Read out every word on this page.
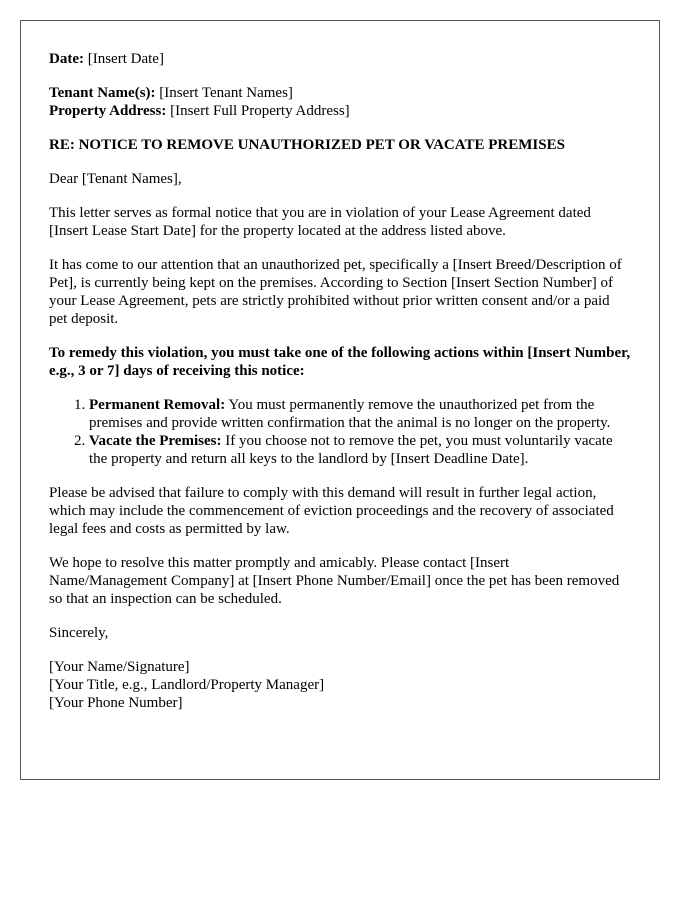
Date: [Insert Date]

Tenant Name(s): [Insert Tenant Names]

Property Address: [Insert Full Property Address]

RE: NOTICE TO REMOVE UNAUTHORIZED PET OR VACATE PREMISES

Dear [Tenant Names],

This letter serves as formal notice that you are in violation of your Lease Agreement dated [Insert Lease Start Date] for the property located at the address listed above.

It has come to our attention that an unauthorized pet, specifically a [Insert Breed/Description of Pet], is currently being kept on the premises. According to Section [Insert Section Number] of your Lease Agreement, pets are strictly prohibited without prior written consent and/or a paid pet deposit.

To remedy this violation, you must take one of the following actions within [Insert Number, e.g., 3 or 7] days of receiving this notice:

1. Permanent Removal: You must permanently remove the unauthorized pet from the premises and provide written confirmation that the animal is no longer on the property.
2. Vacate the Premises: If you choose not to remove the pet, you must voluntarily vacate the property and return all keys to the landlord by [Insert Deadline Date].

Please be advised that failure to comply with this demand will result in further legal action, which may include the commencement of eviction proceedings and the recovery of associated legal fees and costs as permitted by law.

We hope to resolve this matter promptly and amicably. Please contact [Insert Name/Management Company] at [Insert Phone Number/Email] once the pet has been removed so that an inspection can be scheduled.

Sincerely,

[Your Name/Signature]

[Your Title, e.g., Landlord/Property Manager]

[Your Phone Number]
